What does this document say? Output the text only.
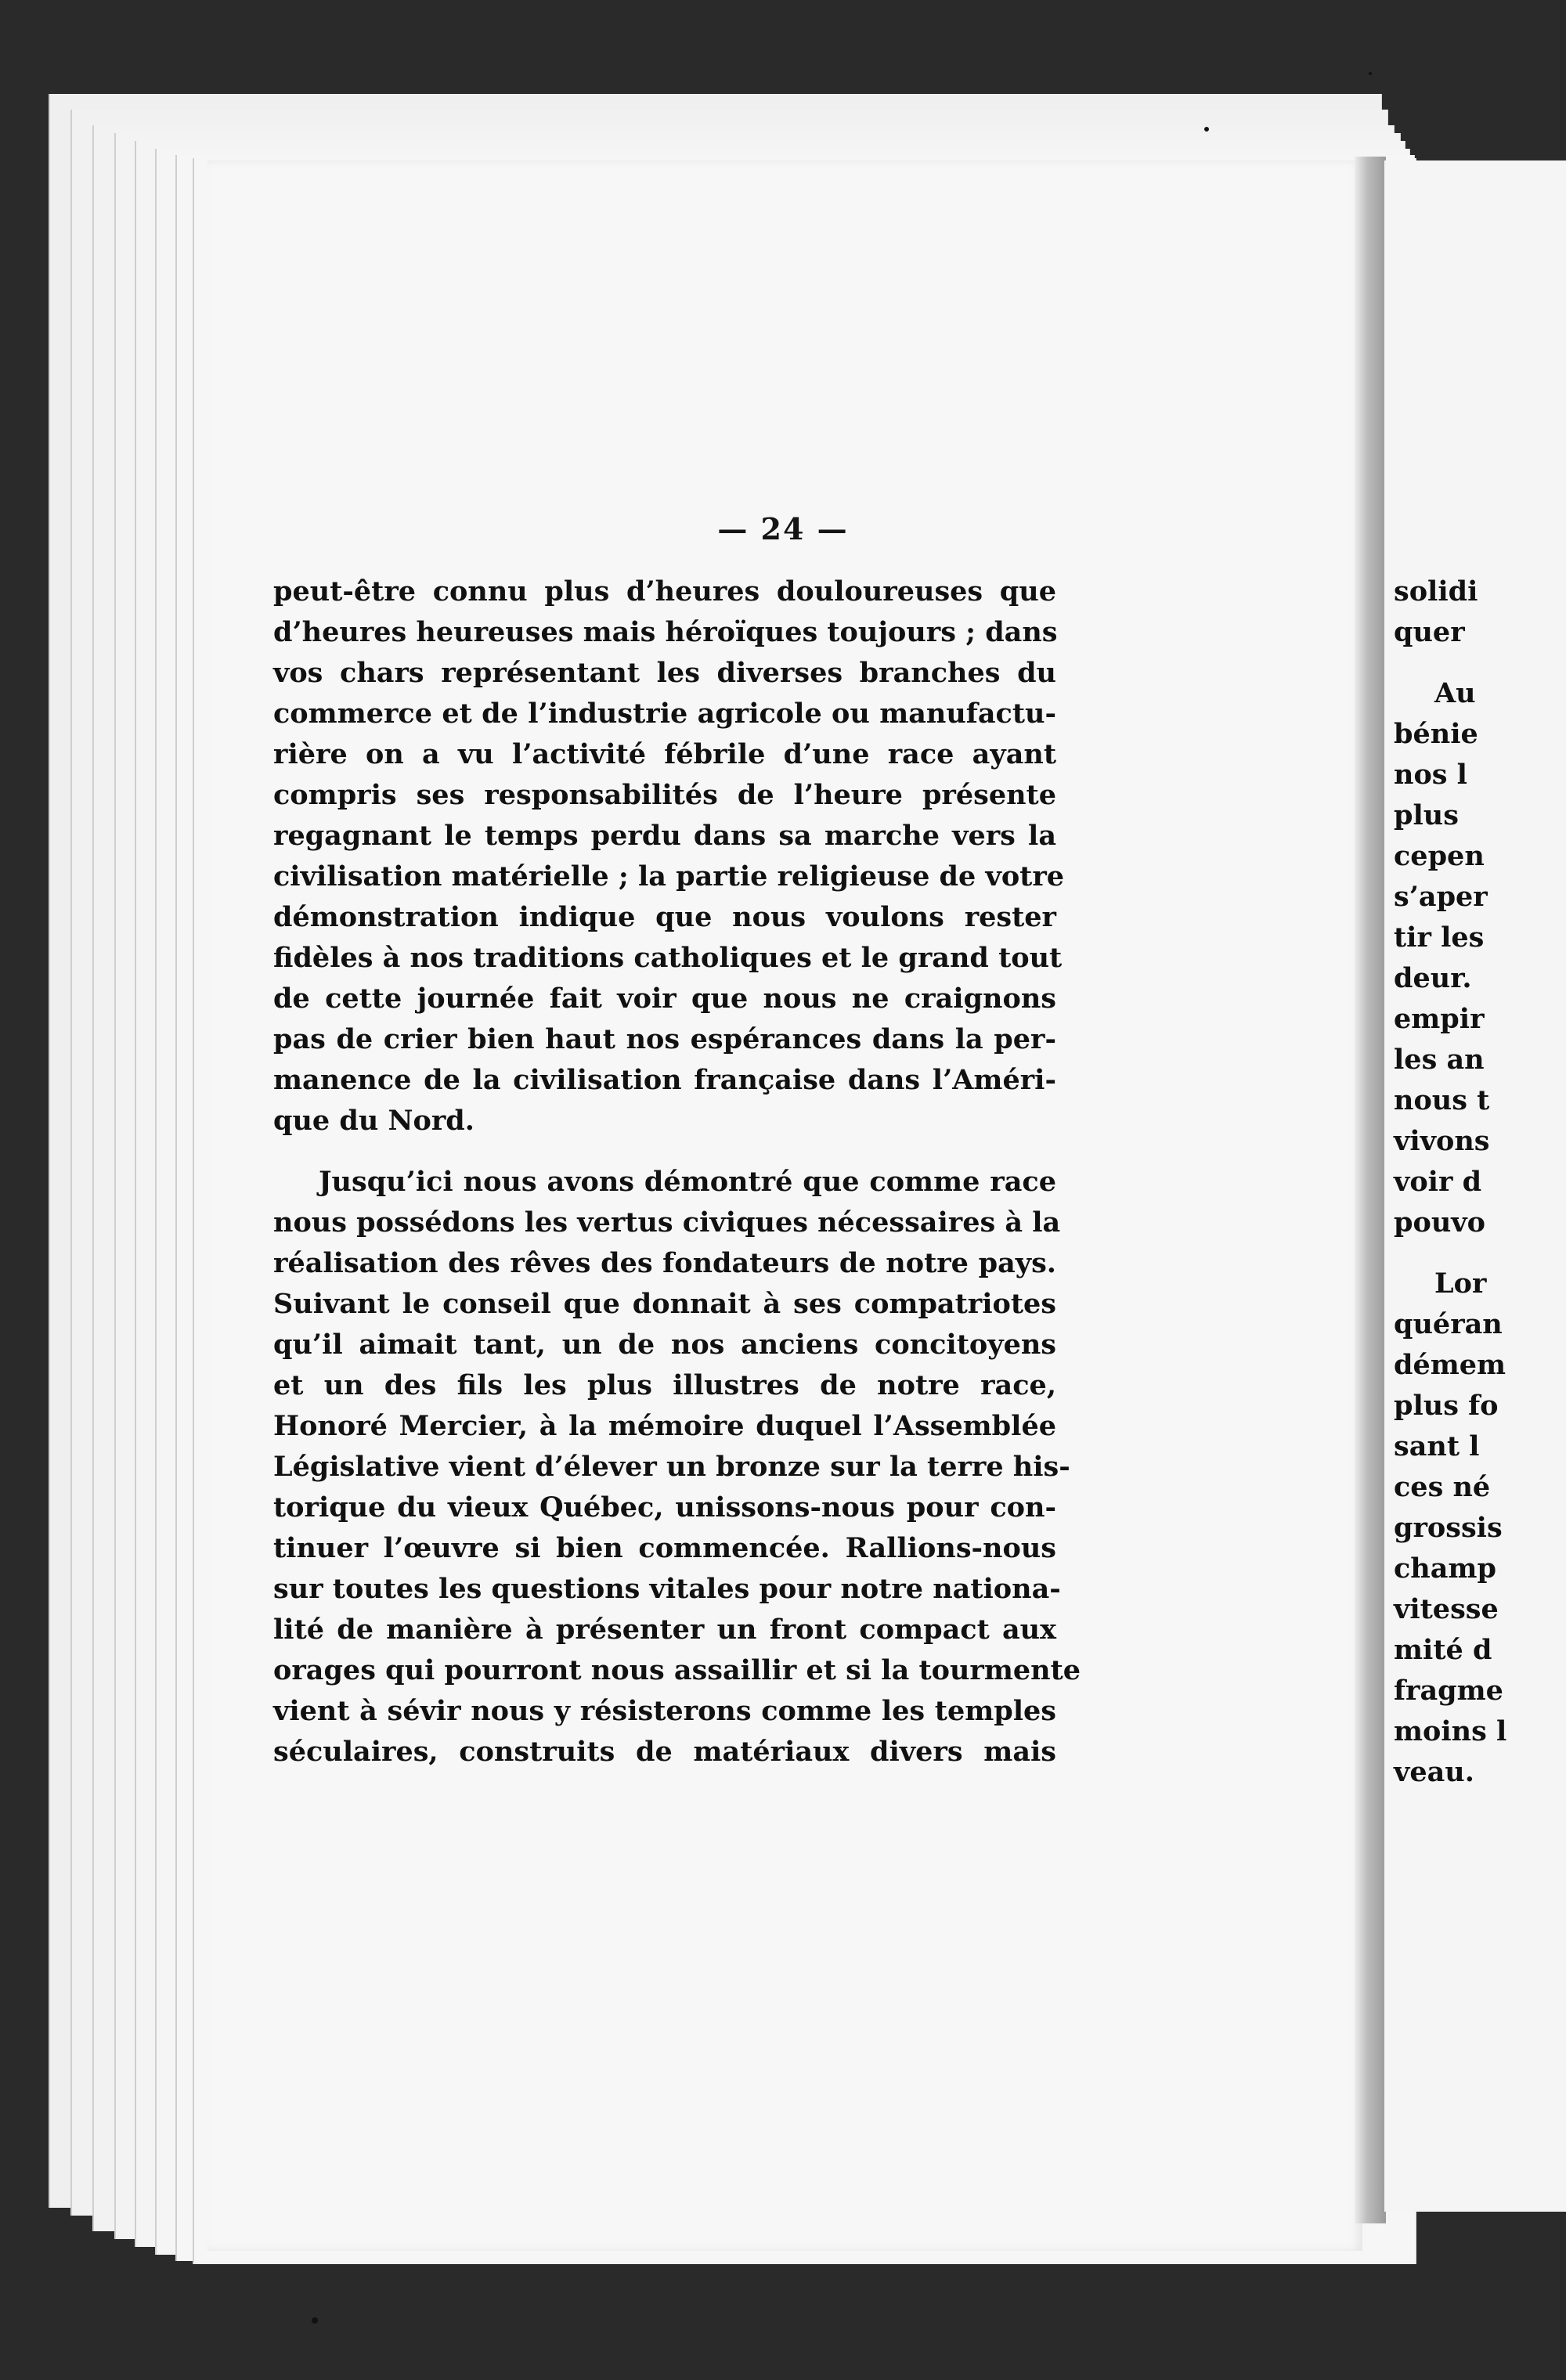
solidi
quer
Au
bénie
nos l
plus
cepen
s’aper
tir les
deur.
empir
les an
nous t
vivons
voir d
pouvo
Lor
quéran
démem
plus fo
sant l
ces né
grossis
champ
vitesse
mité d
fragme
moins l
veau.
— 24 —

peut-être connu plus d’heures douloureuses que
d’heures heureuses mais héroïques toujours ; dans
vos chars représentant les diverses branches du
commerce et de l’industrie agricole ou manufactu-
rière on a vu l’activité fébrile d’une race ayant
compris ses responsabilités de l’heure présente
regagnant le temps perdu dans sa marche vers la
civilisation matérielle ; la partie religieuse de votre
démonstration indique que nous voulons rester
fidèles à nos traditions catholiques et le grand tout
de cette journée fait voir que nous ne craignons
pas de crier bien haut nos espérances dans la per-
manence de la civilisation française dans l’Améri-
que du Nord.

Jusqu’ici nous avons démontré que comme race
nous possédons les vertus civiques nécessaires à la
réalisation des rêves des fondateurs de notre pays.
Suivant le conseil que donnait à ses compatriotes
qu’il aimait tant, un de nos anciens concitoyens
et un des fils les plus illustres de notre race,
Honoré Mercier, à la mémoire duquel l’Assemblée
Législative vient d’élever un bronze sur la terre his-
torique du vieux Québec, unissons-nous pour con-
tinuer l’œuvre si bien commencée. Rallions-nous
sur toutes les questions vitales pour notre nationa-
lité de manière à présenter un front compact aux
orages qui pourront nous assaillir et si la tourmente
vient à sévir nous y résisterons comme les temples
séculaires, construits de matériaux divers mais
